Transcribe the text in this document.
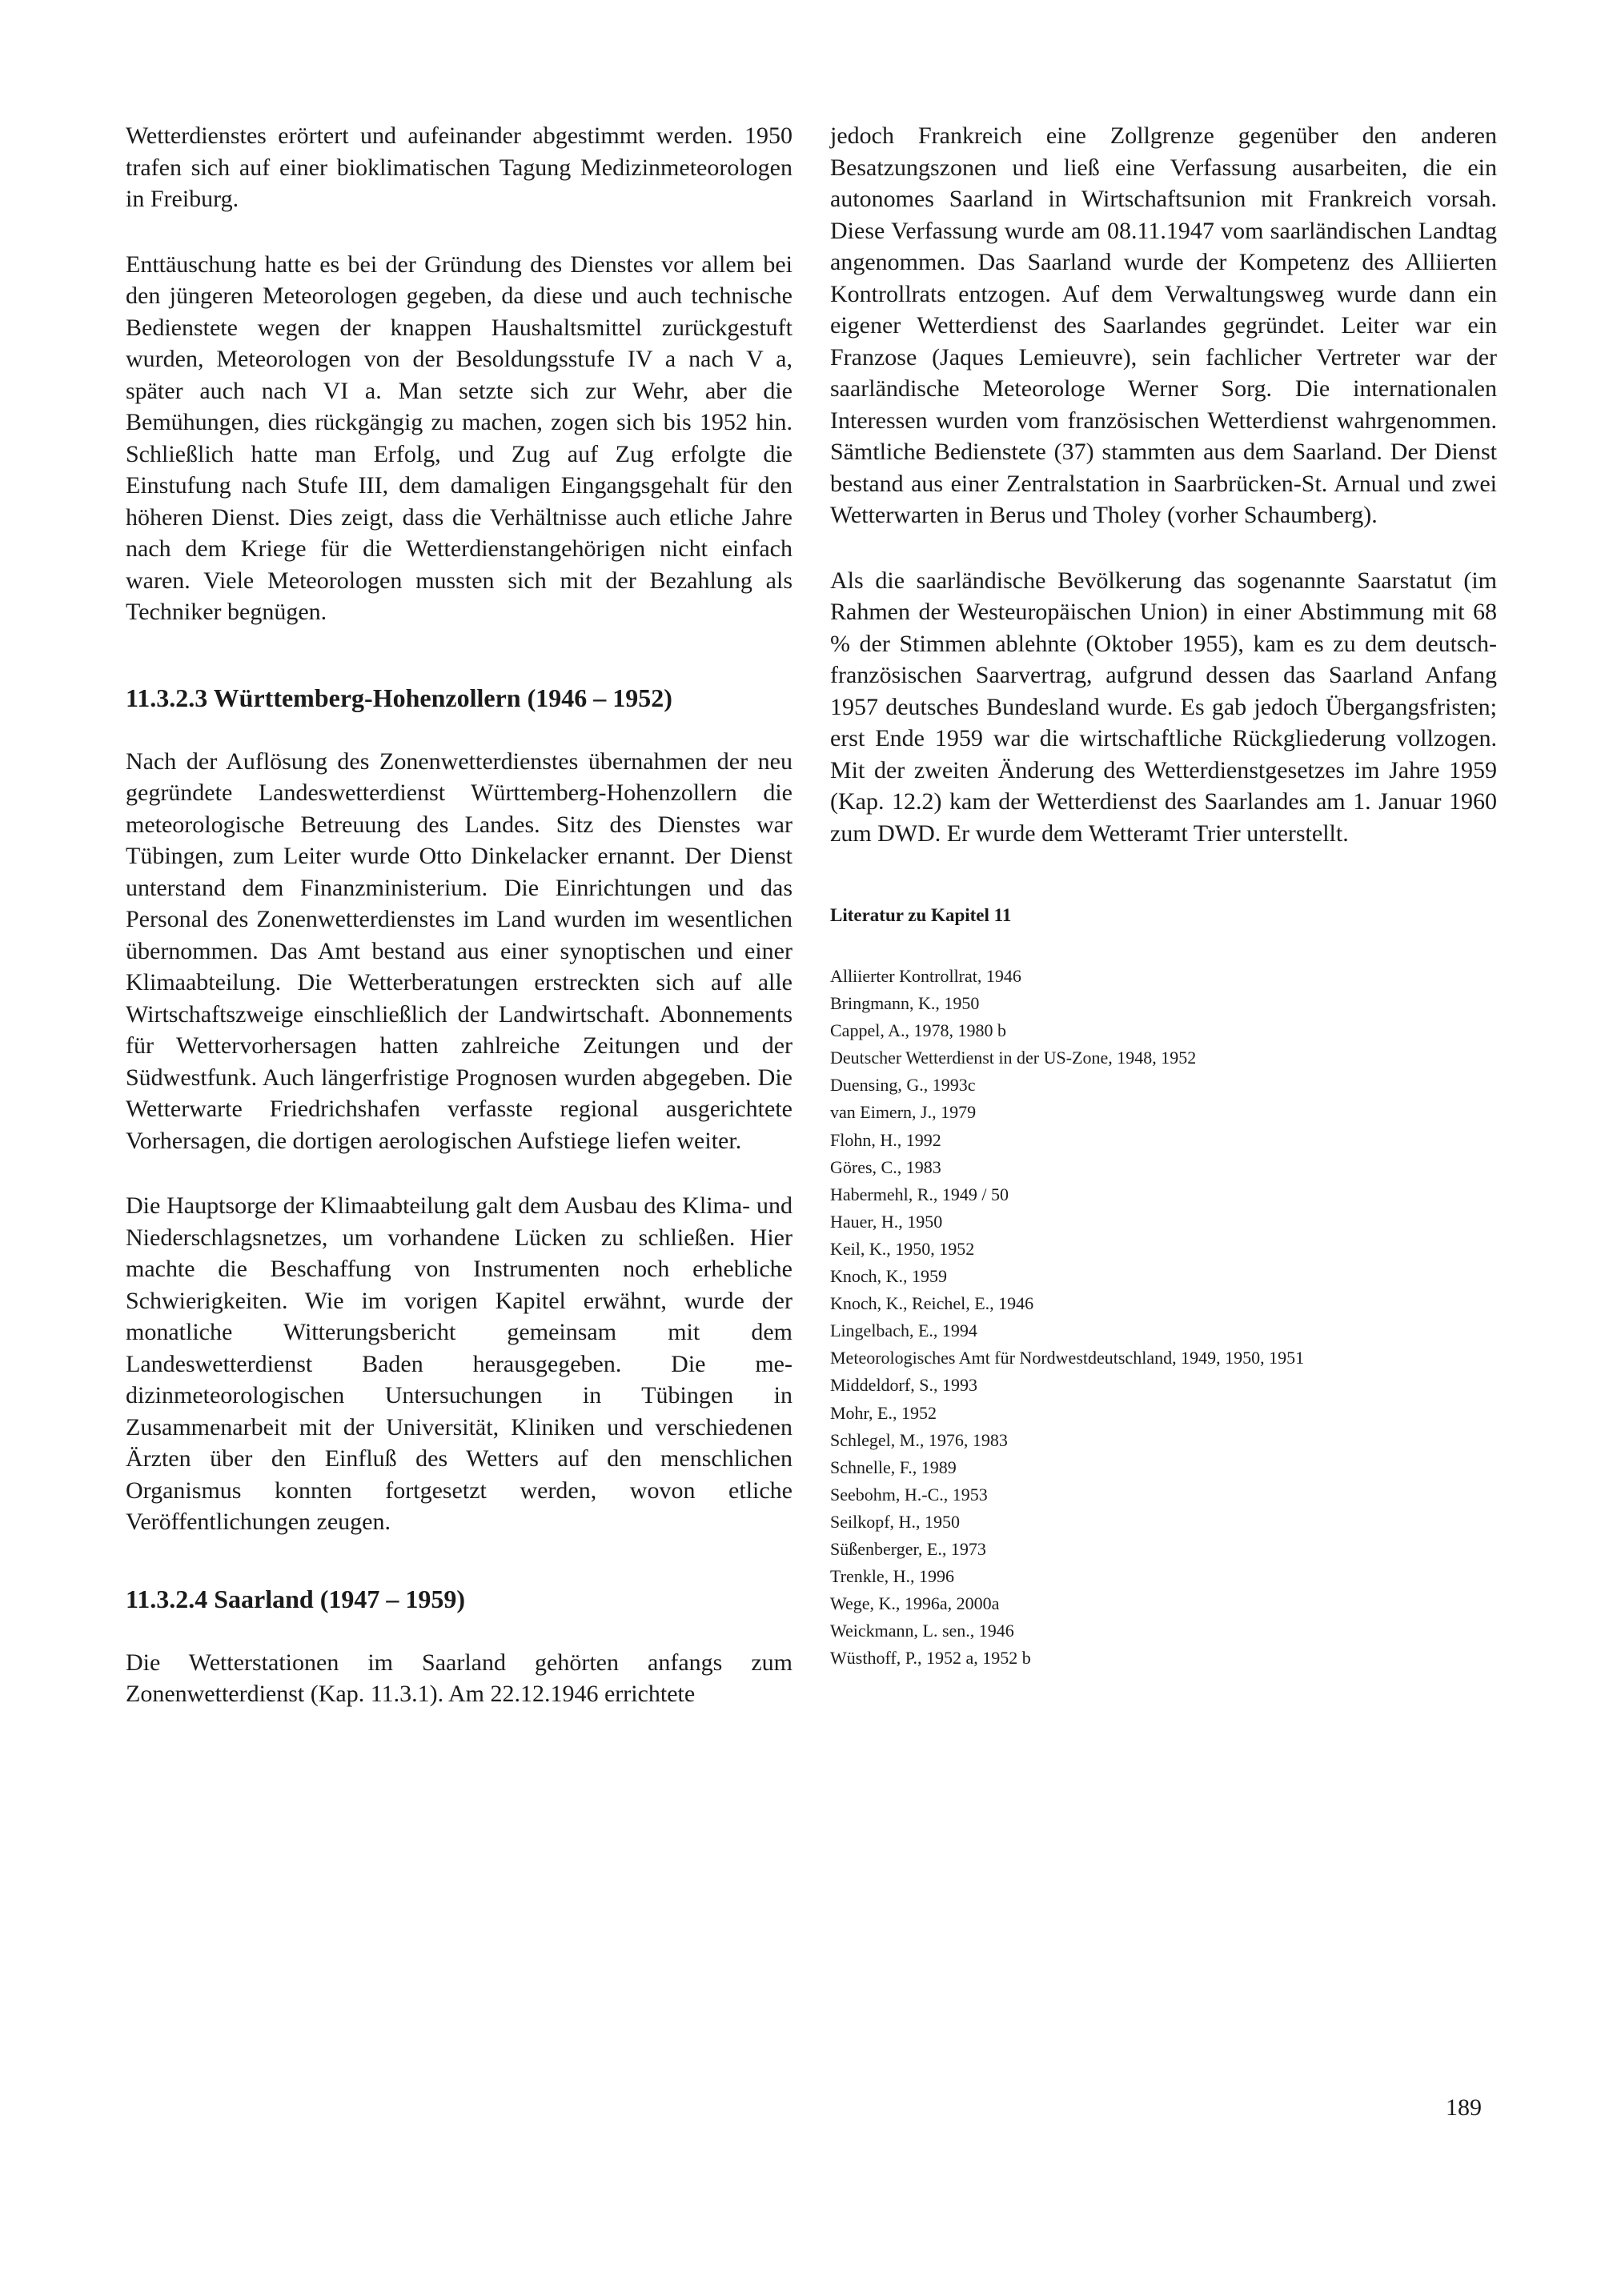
Wetterdienstes erörtert und aufeinander abgestimmt werden. 1950 trafen sich auf einer bioklimatischen Tagung Medizinmeteorologen in Freiburg.

Enttäuschung hatte es bei der Gründung des Dienstes vor allem bei den jüngeren Meteorologen gegeben, da diese und auch technische Bedienstete wegen der knappen Haushaltsmittel zurückgestuft wurden, Meteorologen von der Besoldungsstufe IV a nach V a, später auch nach VI a. Man setzte sich zur Wehr, aber die Bemühungen, dies rückgängig zu machen, zogen sich bis 1952 hin. Schließlich hatte man Erfolg, und Zug auf Zug erfolgte die Einstufung nach Stufe III, dem damaligen Eingangsgehalt für den höheren Dienst. Dies zeigt, dass die Verhältnisse auch etliche Jahre nach dem Kriege für die Wetterdienstangehörigen nicht einfach waren. Viele Meteorologen mussten sich mit der Bezahlung als Techniker begnügen.

11.3.2.3 Württemberg-Hohenzollern (1946 – 1952)

Nach der Auflösung des Zonenwetterdienstes übernahmen der neu gegründete Landeswetterdienst Württemberg-Hohenzollern die meteorologische Betreuung des Landes. Sitz des Dienstes war Tübingen, zum Leiter wurde Otto Dinkelacker ernannt. Der Dienst unterstand dem Finanzministerium. Die Einrichtungen und das Personal des Zonenwetterdienstes im Land wurden im wesentlichen übernommen. Das Amt bestand aus einer synoptischen und einer Klimaabteilung. Die Wetterberatungen erstreckten sich auf alle Wirtschaftszweige einschließlich der Landwirtschaft. Abonnements für Wettervorhersagen hatten zahlreiche Zeitungen und der Südwestfunk. Auch längerfristige Prognosen wurden abgegeben. Die Wetterwarte Friedrichshafen verfasste regional ausgerichtete Vorhersagen, die dortigen aerologischen Aufstiege liefen weiter.

Die Hauptsorge der Klimaabteilung galt dem Ausbau des Klima- und Niederschlagsnetzes, um vorhandene Lücken zu schließen. Hier machte die Beschaffung von Instrumenten noch erhebliche Schwierigkeiten. Wie im vorigen Kapitel erwähnt, wurde der monatliche Witterungsbericht gemeinsam mit dem Landeswetterdienst Baden herausgegeben. Die medizinmeteorologischen Untersuchungen in Tübingen in Zusammenarbeit mit der Universität, Kliniken und verschiedenen Ärzten über den Einfluß des Wetters auf den menschlichen Organismus konnten fortgesetzt werden, wovon etliche Veröffentlichungen zeugen.

11.3.2.4 Saarland (1947 – 1959)

Die Wetterstationen im Saarland gehörten anfangs zum Zonenwetterdienst (Kap. 11.3.1). Am 22.12.1946 errichtete

jedoch Frankreich eine Zollgrenze gegenüber den anderen Besatzungszonen und ließ eine Verfassung ausarbeiten, die ein autonomes Saarland in Wirtschaftsunion mit Frankreich vorsah. Diese Verfassung wurde am 08.11.1947 vom saarländischen Landtag angenommen. Das Saarland wurde der Kompetenz des Alliierten Kontrollrats entzogen. Auf dem Verwaltungsweg wurde dann ein eigener Wetterdienst des Saarlandes gegründet. Leiter war ein Franzose (Jaques Lemieuvre), sein fachlicher Vertreter war der saarländische Meteorologe Werner Sorg. Die internationalen Interessen wurden vom französischen Wetterdienst wahrgenommen. Sämtliche Bedienstete (37) stammten aus dem Saarland. Der Dienst bestand aus einer Zentralstation in Saarbrücken-St. Arnual und zwei Wetterwarten in Berus und Tholey (vorher Schaumberg).

Als die saarländische Bevölkerung das sogenannte Saarstatut (im Rahmen der Westeuropäischen Union) in einer Abstimmung mit 68 % der Stimmen ablehnte (Oktober 1955), kam es zu dem deutsch-französischen Saarvertrag, aufgrund dessen das Saarland Anfang 1957 deutsches Bundesland wurde. Es gab jedoch Übergangsfristen; erst Ende 1959 war die wirtschaftliche Rückgliederung vollzogen. Mit der zweiten Änderung des Wetterdienstgesetzes im Jahre 1959 (Kap. 12.2) kam der Wetterdienst des Saarlandes am 1. Januar 1960 zum DWD. Er wurde dem Wetteramt Trier unterstellt.

Literatur zu Kapitel 11
Alliierter Kontrollrat, 1946
Bringmann, K., 1950
Cappel, A., 1978, 1980 b
Deutscher Wetterdienst in der US-Zone, 1948, 1952
Duensing, G., 1993c
van Eimern, J., 1979
Flohn, H., 1992
Göres, C., 1983
Habermehl, R., 1949 / 50
Hauer, H., 1950
Keil, K., 1950, 1952
Knoch, K., 1959
Knoch, K., Reichel, E., 1946
Lingelbach, E., 1994
Meteorologisches Amt für Nordwestdeutschland, 1949, 1950, 1951
Middeldorf, S., 1993
Mohr, E., 1952
Schlegel, M., 1976, 1983
Schnelle, F., 1989
Seebohm, H.-C., 1953
Seilkopf, H., 1950
Süßenberger, E., 1973
Trenkle, H., 1996
Wege, K., 1996a, 2000a
Weickmann, L. sen., 1946
Wüsthoff, P., 1952 a, 1952 b
189
